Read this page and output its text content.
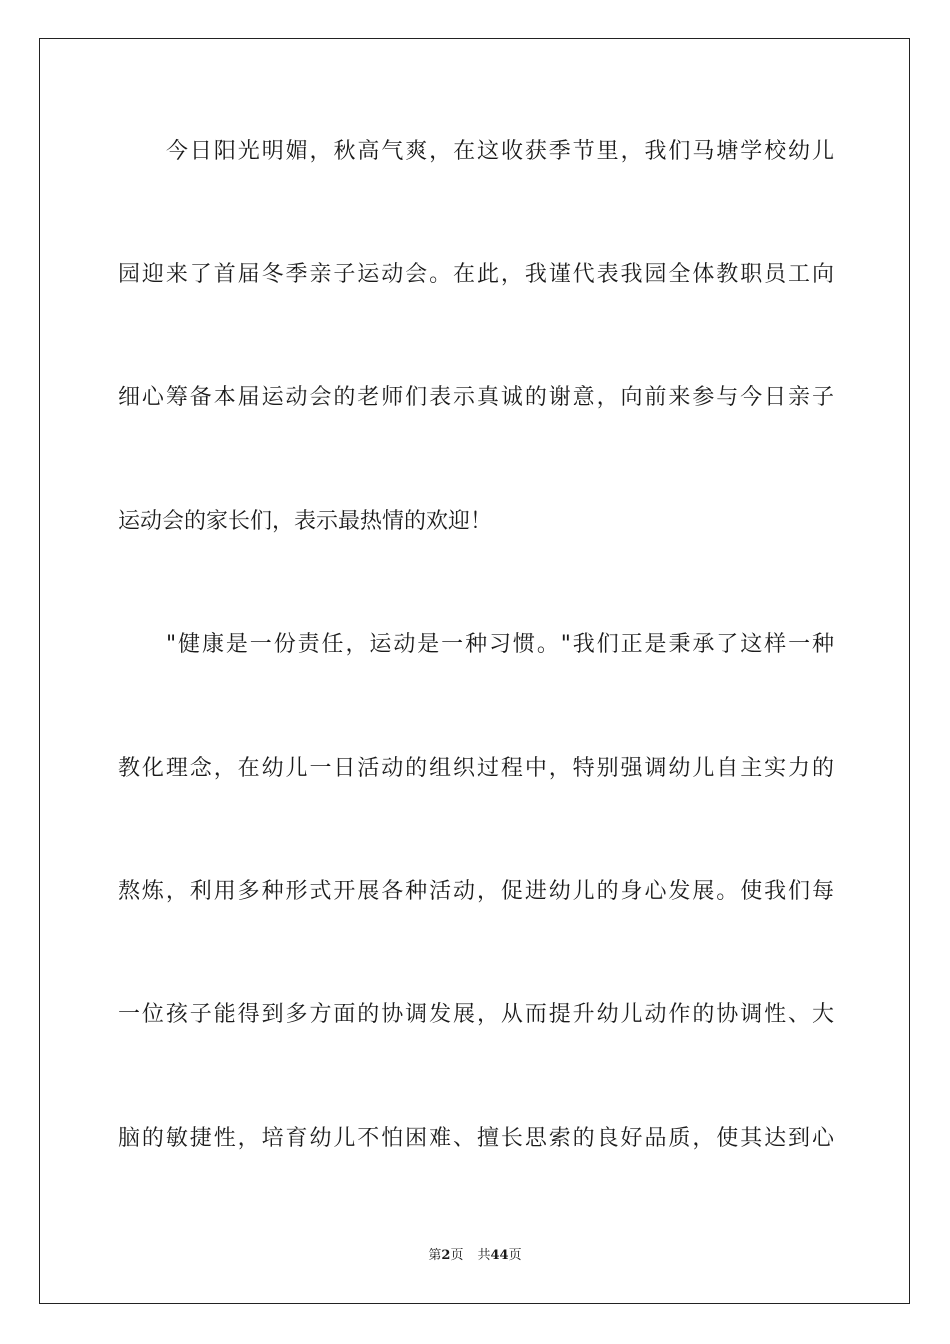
今日阳光明媚，秋高气爽，在这收获季节里，我们马塘学校幼儿
园迎来了首届冬季亲子运动会。在此，我谨代表我园全体教职员工向
细心筹备本届运动会的老师们表示真诚的谢意，向前来参与今日亲子
运动会的家长们，表示最热情的欢迎！
"健康是一份责任，运动是一种习惯。"我们正是秉承了这样一种
教化理念，在幼儿一日活动的组织过程中，特别强调幼儿自主实力的
熬炼，利用多种形式开展各种活动，促进幼儿的身心发展。使我们每
一位孩子能得到多方面的协调发展，从而提升幼儿动作的协调性、大
脑的敏捷性，培育幼儿不怕困难、擅长思索的良好品质，使其达到心
第2页 共44页
